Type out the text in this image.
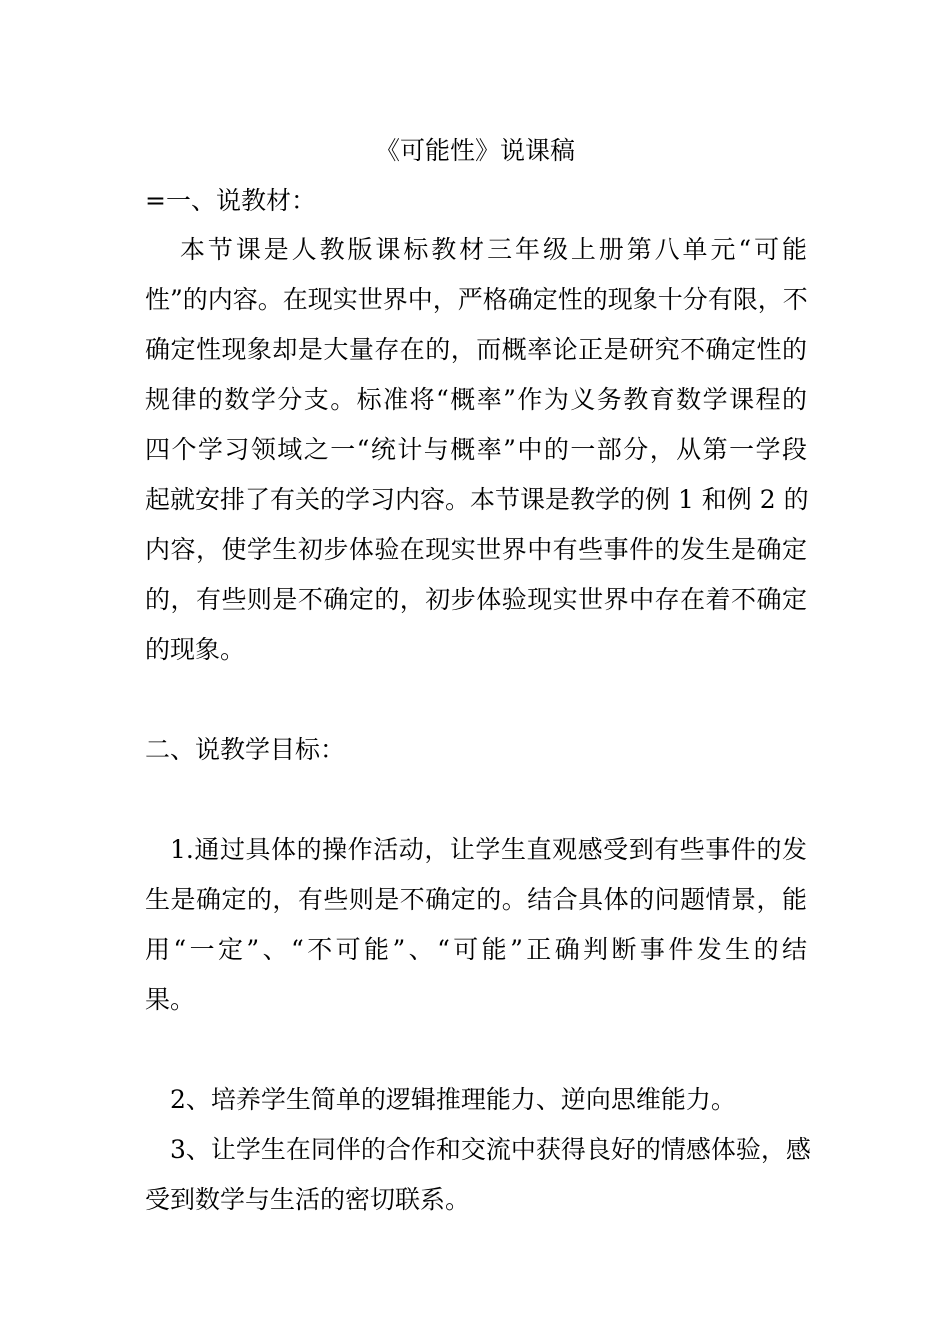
《可能性》说课稿
=一、说教材：
本节课是人教版课标教材三年级上册第八单元“可能
性”的内容。在现实世界中，严格确定性的现象十分有限，不
确定性现象却是大量存在的，而概率论正是研究不确定性的
规律的数学分支。标准将“概率”作为义务教育数学课程的
四个学习领域之一“统计与概率”中的一部分，从第一学段
起就安排了有关的学习内容。本节课是教学的例 1 和例 2 的
内容，使学生初步体验在现实世界中有些事件的发生是确定
的，有些则是不确定的，初步体验现实世界中存在着不确定
的现象。
二、说教学目标：
1.通过具体的操作活动，让学生直观感受到有些事件的发
生是确定的，有些则是不确定的。结合具体的问题情景，能
用“一定”、“不可能”、“可能”正确判断事件发生的结
果。
2、培养学生简单的逻辑推理能力、逆向思维能力。
3、让学生在同伴的合作和交流中获得良好的情感体验，感
受到数学与生活的密切联系。
